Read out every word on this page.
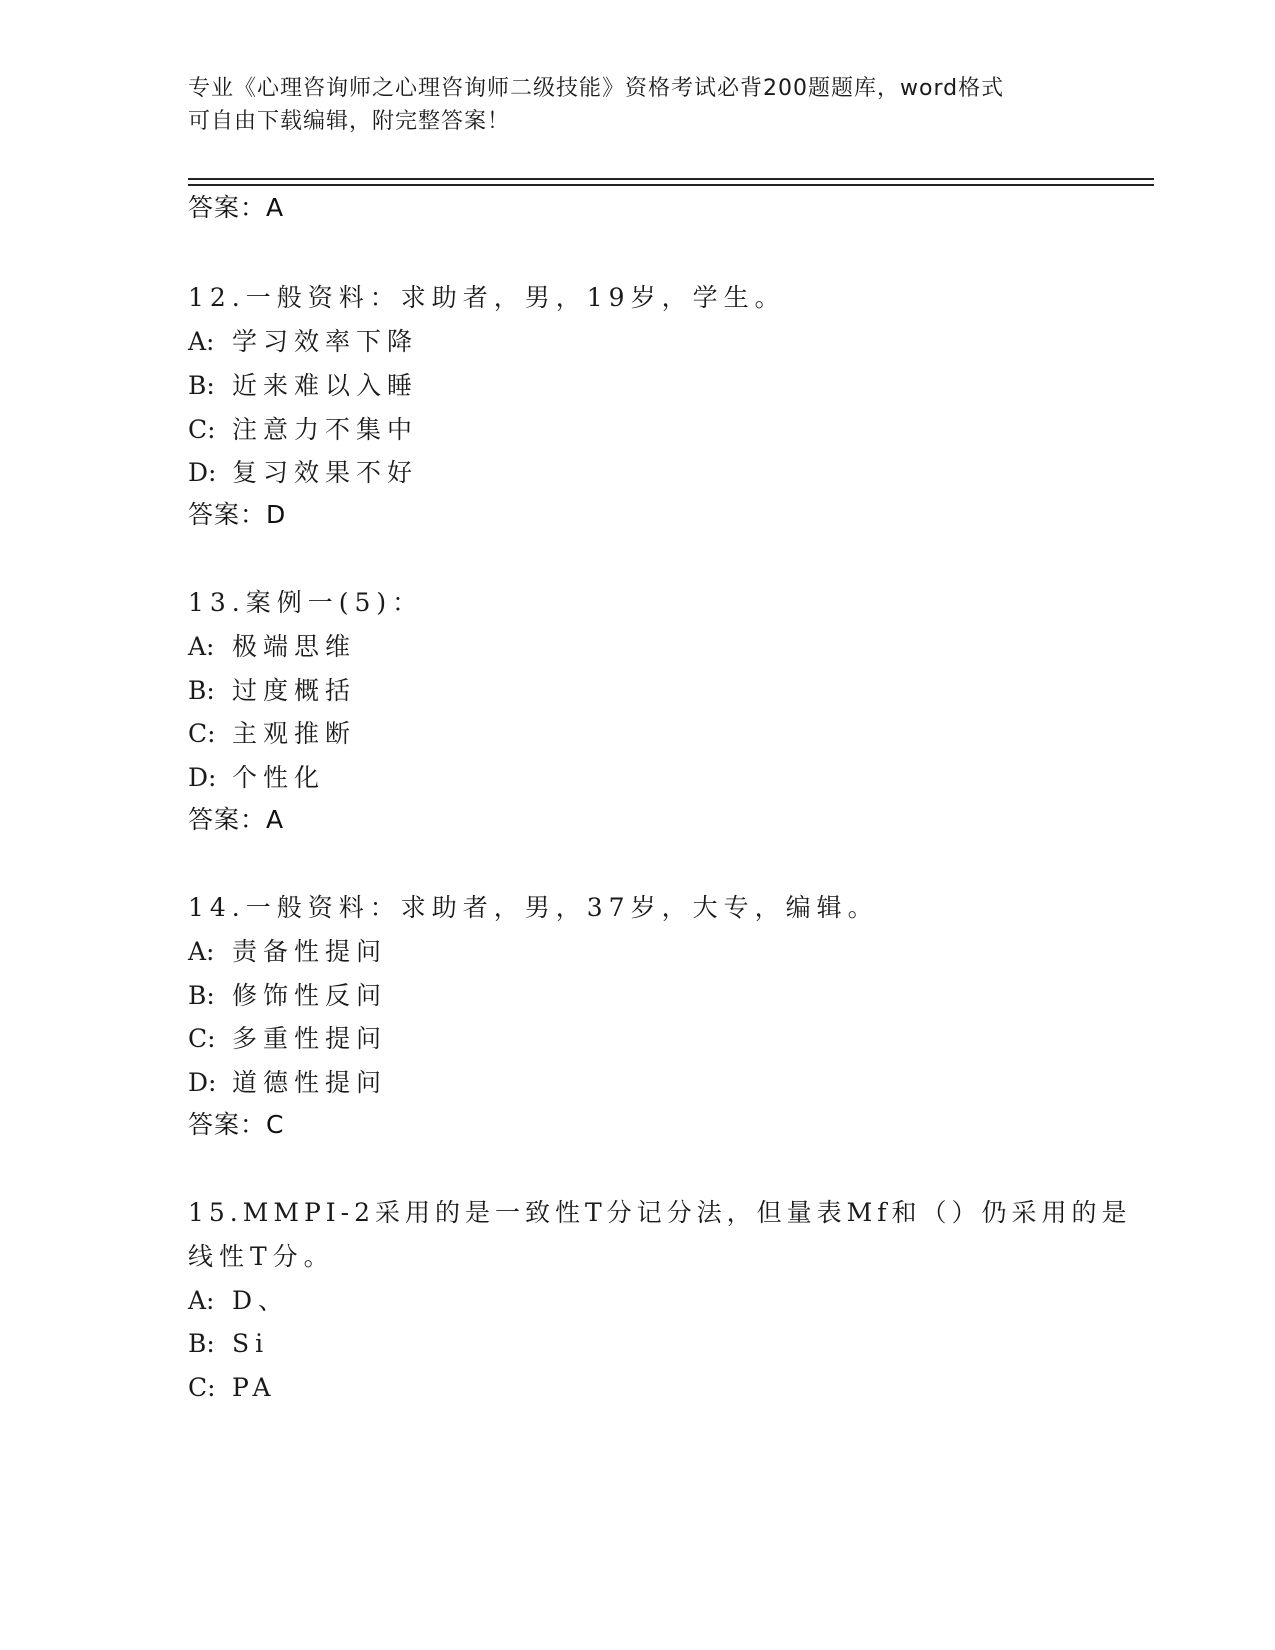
专业《心理咨询师之心理咨询师二级技能》资格考试必背200题题库，word格式
可自由下载编辑，附完整答案！
答案：A
12.一般资料：求助者，男，19岁，学生。
A: 学习效率下降
B: 近来难以入睡
C: 注意力不集中
D: 复习效果不好
答案：D
13.案例一(5)：
A: 极端思维
B: 过度概括
C: 主观推断
D: 个性化
答案：A
14.一般资料：求助者，男，37岁，大专，编辑。
A: 责备性提问
B: 修饰性反问
C: 多重性提问
D: 道德性提问
答案：C
15.MMPI-2采用的是一致性T分记分法，但量表Mf和（）仍采用的是
线性T分。
A: D、
B: Si
C: PA
